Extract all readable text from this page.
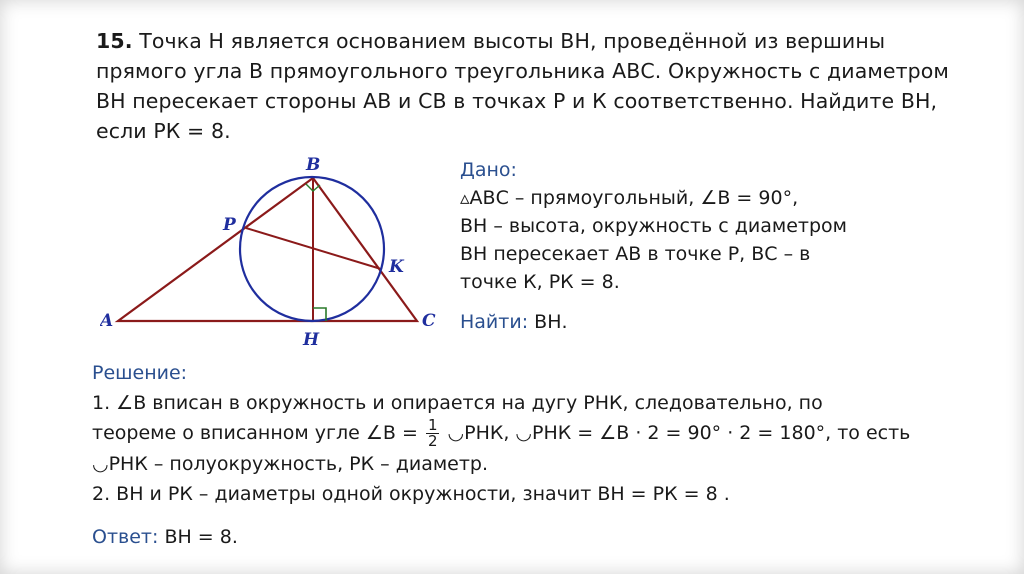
15. Точка Н является основанием высоты ВН, проведённой из вершины прямого угла В прямоугольного треугольника АВС. Окружность с диаметром ВН пересекает стороны АВ и СВ в точках Р и К соответственно. Найдите ВН, если РК = 8.
B
P
K
A
H
C
Дано:
▵АВС – прямоугольный, ∠В = 90°,
ВН – высота, окружность с диаметром
ВН пересекает АВ в точке Р, ВС – в
точке К, РК = 8.
Найти: ВН.
Решение:
1. ∠В вписан в окружность и опирается на дугу РНК, следовательно, по
теореме о вписанном угле ∠В = $\frac{1}{2}$ ◡РНК, ◡РНК = ∠В · 2 = 90° · 2 = 180°, то есть
◡РНК – полуокружность, РК – диаметр.
2. ВН и РК – диаметры одной окружности, значит ВН = РК = 8 .
Ответ: ВН = 8.
